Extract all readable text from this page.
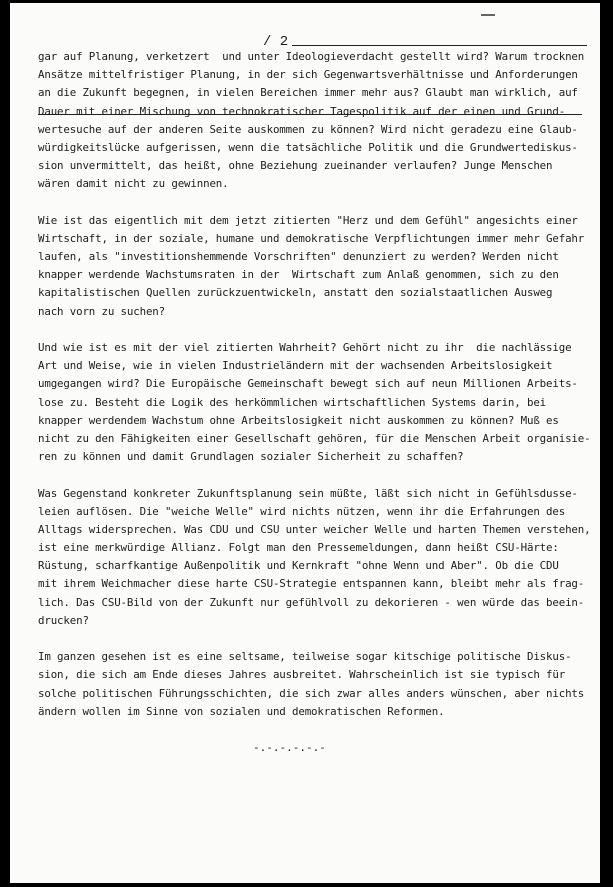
/ 2
gar auf Planung, verketzert  und unter Ideologieverdacht gestellt wird? Warum trocknen
Ansätze mittelfristiger Planung, in der sich Gegenwartsverhältnisse und Anforderungen
an die Zukunft begegnen, in vielen Bereichen immer mehr aus? Glaubt man wirklich, auf
Dauer mit einer Mischung von technokratischer Tagespolitik auf der einen und Grund-
wertesuche auf der anderen Seite auskommen zu können? Wird nicht geradezu eine Glaub-
würdigkeitslücke aufgerissen, wenn die tatsächliche Politik und die Grundwertediskus-
sion unvermittelt, das heißt, ohne Beziehung zueinander verlaufen? Junge Menschen
wären damit nicht zu gewinnen.
Wie ist das eigentlich mit dem jetzt zitierten "Herz und dem Gefühl" angesichts einer
Wirtschaft, in der soziale, humane und demokratische Verpflichtungen immer mehr Gefahr
laufen, als "investitionshemmende Vorschriften" denunziert zu werden? Werden nicht
knapper werdende Wachstumsraten in der  Wirtschaft zum Anlaß genommen, sich zu den
kapitalistischen Quellen zurückzuentwickeln, anstatt den sozialstaatlichen Ausweg
nach vorn zu suchen?
Und wie ist es mit der viel zitierten Wahrheit? Gehört nicht zu ihr  die nachlässige
Art und Weise, wie in vielen Industrieländern mit der wachsenden Arbeitslosigkeit
umgegangen wird? Die Europäische Gemeinschaft bewegt sich auf neun Millionen Arbeits-
lose zu. Besteht die Logik des herkömmlichen wirtschaftlichen Systems darin, bei
knapper werdendem Wachstum ohne Arbeitslosigkeit nicht auskommen zu können? Muß es
nicht zu den Fähigkeiten einer Gesellschaft gehören, für die Menschen Arbeit organisie-
ren zu können und damit Grundlagen sozialer Sicherheit zu schaffen?
Was Gegenstand konkreter Zukunftsplanung sein müßte, läßt sich nicht in Gefühlsdusse-
leien auflösen. Die "weiche Welle" wird nichts nützen, wenn ihr die Erfahrungen des
Alltags widersprechen. Was CDU und CSU unter weicher Welle und harten Themen verstehen,
ist eine merkwürdige Allianz. Folgt man den Pressemeldungen, dann heißt CSU-Härte:
Rüstung, scharfkantige Außenpolitik und Kernkraft "ohne Wenn und Aber". Ob die CDU
mit ihrem Weichmacher diese harte CSU-Strategie entspannen kann, bleibt mehr als frag-
lich. Das CSU-Bild von der Zukunft nur gefühlvoll zu dekorieren - wen würde das beein-
drucken?
Im ganzen gesehen ist es eine seltsame, teilweise sogar kitschige politische Diskus-
sion, die sich am Ende dieses Jahres ausbreitet. Wahrscheinlich ist sie typisch für
solche politischen Führungsschichten, die sich zwar alles anders wünschen, aber nichts
ändern wollen im Sinne von sozialen und demokratischen Reformen.
-.-.-.-.-.-
